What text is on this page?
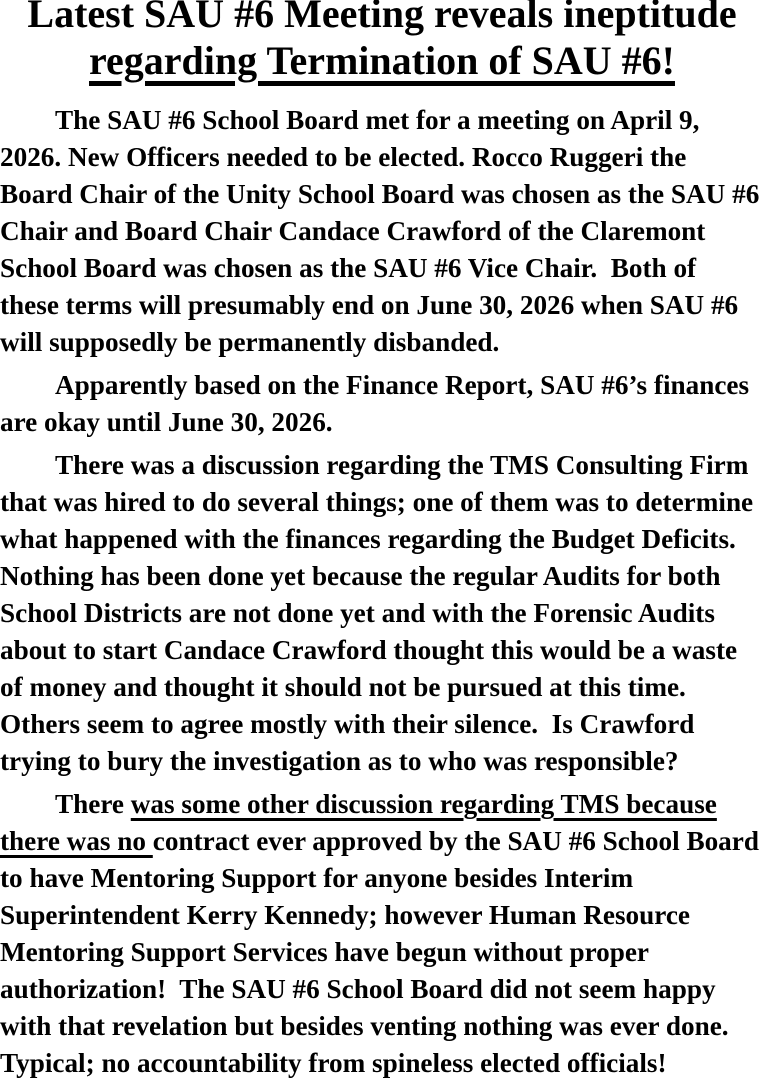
Latest SAU #6 Meeting reveals ineptitude
regarding Termination of SAU #6!

The SAU #6 School Board met for a meeting on April 9,
2026. New Officers needed to be elected. Rocco Ruggeri the
Board Chair of the Unity School Board was chosen as the SAU #6
Chair and Board Chair Candace Crawford of the Claremont
School Board was chosen as the SAU #6 Vice Chair.  Both of
these terms will presumably end on June 30, 2026 when SAU #6
will supposedly be permanently disbanded.

Apparently based on the Finance Report, SAU #6’s finances
are okay until June 30, 2026.

There was a discussion regarding the TMS Consulting Firm
that was hired to do several things; one of them was to determine
what happened with the finances regarding the Budget Deficits.
Nothing has been done yet because the regular Audits for both
School Districts are not done yet and with the Forensic Audits
about to start Candace Crawford thought this would be a waste
of money and thought it should not be pursued at this time.
Others seem to agree mostly with their silence.  Is Crawford
trying to bury the investigation as to who was responsible?

There was some other discussion regarding TMS because
there was no contract ever approved by the SAU #6 School Board
to have Mentoring Support for anyone besides Interim
Superintendent Kerry Kennedy; however Human Resource
Mentoring Support Services have begun without proper
authorization!  The SAU #6 School Board did not seem happy
with that revelation but besides venting nothing was ever done.
Typical; no accountability from spineless elected officials!
